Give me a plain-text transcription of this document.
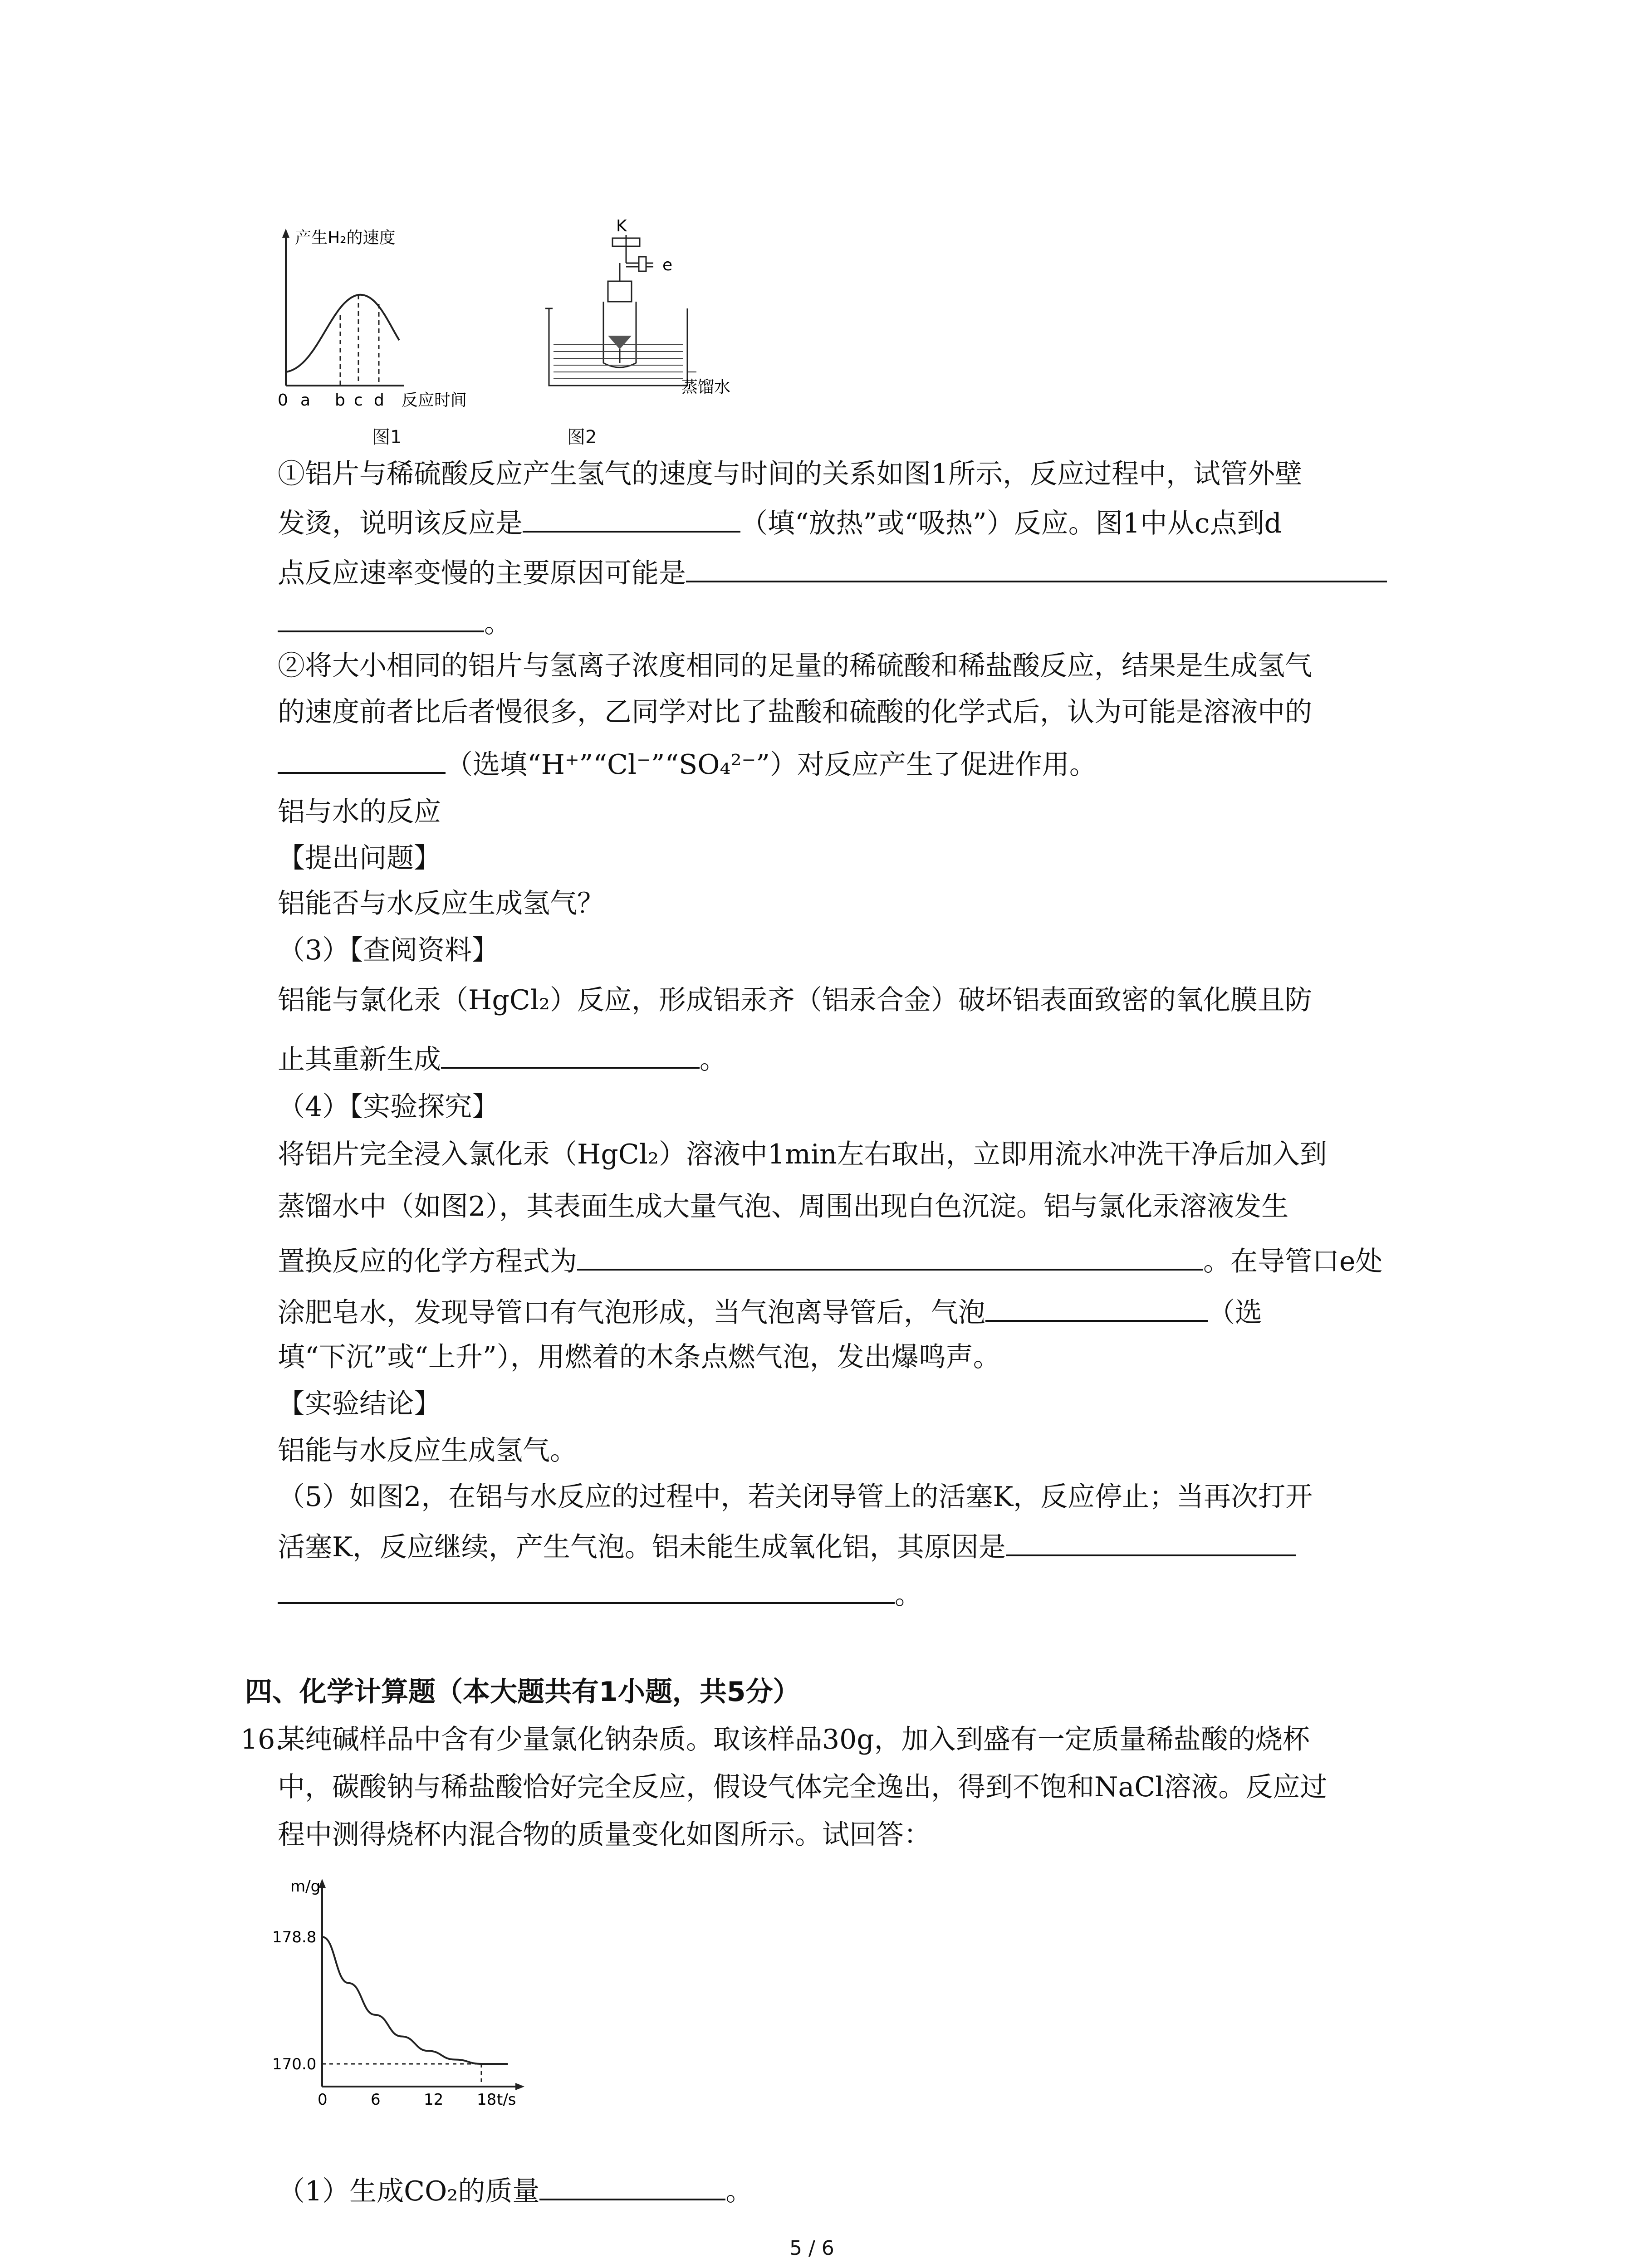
产生H₂的速度
0 a b c d 反应时间
图1
K
e
蒸馏水
图2
①铝片与稀硫酸反应产生氢气的速度与时间的关系如图1所示，反应过程中，试管外壁
发烫，说明该反应是	（填“放热”或“吸热”）反应。图1中从c点到d
点反应速率变慢的主要原因可能是
。
②将大小相同的铝片与氢离子浓度相同的足量的稀硫酸和稀盐酸反应，结果是生成氢气
的速度前者比后者慢很多，乙同学对比了盐酸和硫酸的化学式后，认为可能是溶液中的
（选填“H⁺”“Cl⁻”“SO₄²⁻”）对反应产生了促进作用。
铝与水的反应
【提出问题】
铝能否与水反应生成氢气？
（3）【查阅资料】
铝能与氯化汞（HgCl₂）反应，形成铝汞齐（铝汞合金）破坏铝表面致密的氧化膜且防
止其重新生成	。
（4）【实验探究】
将铝片完全浸入氯化汞（HgCl₂）溶液中1min左右取出，立即用流水冲洗干净后加入到
蒸馏水中（如图2），其表面生成大量气泡、周围出现白色沉淀。铝与氯化汞溶液发生
置换反应的化学方程式为	。在导管口e处
涂肥皂水，发现导管口有气泡形成，当气泡离导管后，气泡	（选
填“下沉”或“上升”），用燃着的木条点燃气泡，发出爆鸣声。
【实验结论】
铝能与水反应生成氢气。
（5）如图2，在铝与水反应的过程中，若关闭导管上的活塞K，反应停止；当再次打开
活塞K，反应继续，产生气泡。铝未能生成氧化铝，其原因是
。
四、化学计算题（本大题共有1小题，共5分）
16.
某纯碱样品中含有少量氯化钠杂质。取该样品30g，加入到盛有一定质量稀盐酸的烧杯
中，碳酸钠与稀盐酸恰好完全反应，假设气体完全逸出，得到不饱和NaCl溶液。反应过
程中测得烧杯内混合物的质量变化如图所示。试回答：
m/g
t/s
0	6	12 18
178.8
170.0
（1）生成CO₂的质量	。
5 / 6
